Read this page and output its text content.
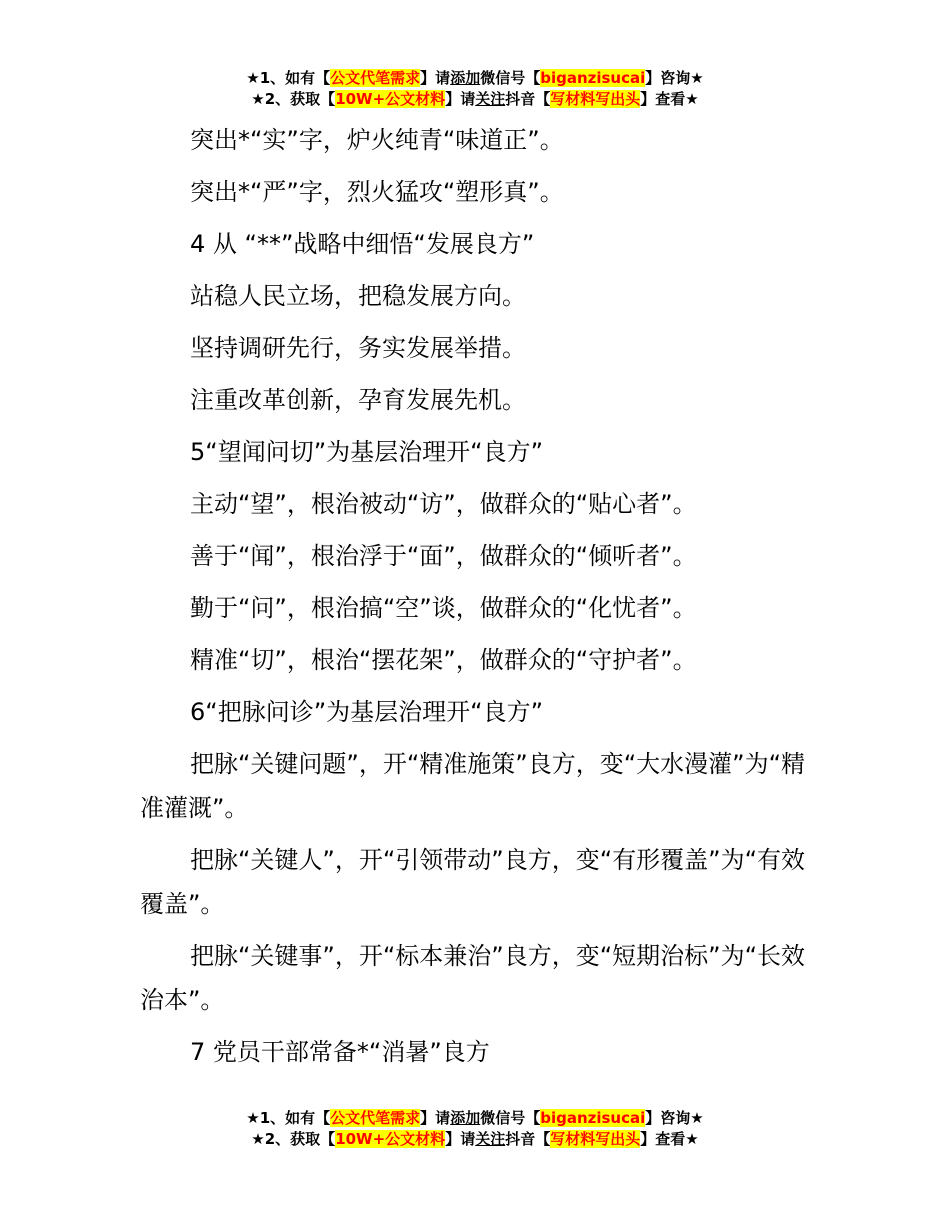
★1、如有【公文代笔需求】请添加微信号【biganzisucai】咨询★
★2、获取【10W+公文材料】请关注抖音【写材料写出头】查看★

突出*“实”字，炉火纯青“味道正”。

突出*“严”字，烈火猛攻“塑形真”。

4 从 “**”战略中细悟“发展良方”

站稳人民立场，把稳发展方向。

坚持调研先行，务实发展举措。

注重改革创新，孕育发展先机。

5“望闻问切”为基层治理开“良方”

主动“望”，根治被动“访”，做群众的“贴心者”。

善于“闻”，根治浮于“面”，做群众的“倾听者”。

勤于“问”，根治搞“空”谈，做群众的“化忧者”。

精准“切”，根治“摆花架”，做群众的“守护者”。

6“把脉问诊”为基层治理开“良方”

把脉“关键问题”，开“精准施策”良方，变“大水漫灌”为“精准灌溉”。

把脉“关键人”，开“引领带动”良方，变“有形覆盖”为“有效覆盖”。

把脉“关键事”，开“标本兼治”良方，变“短期治标”为“长效治本”。

7 党员干部常备*“消暑”良方

★1、如有【公文代笔需求】请添加微信号【biganzisucai】咨询★
★2、获取【10W+公文材料】请关注抖音【写材料写出头】查看★
